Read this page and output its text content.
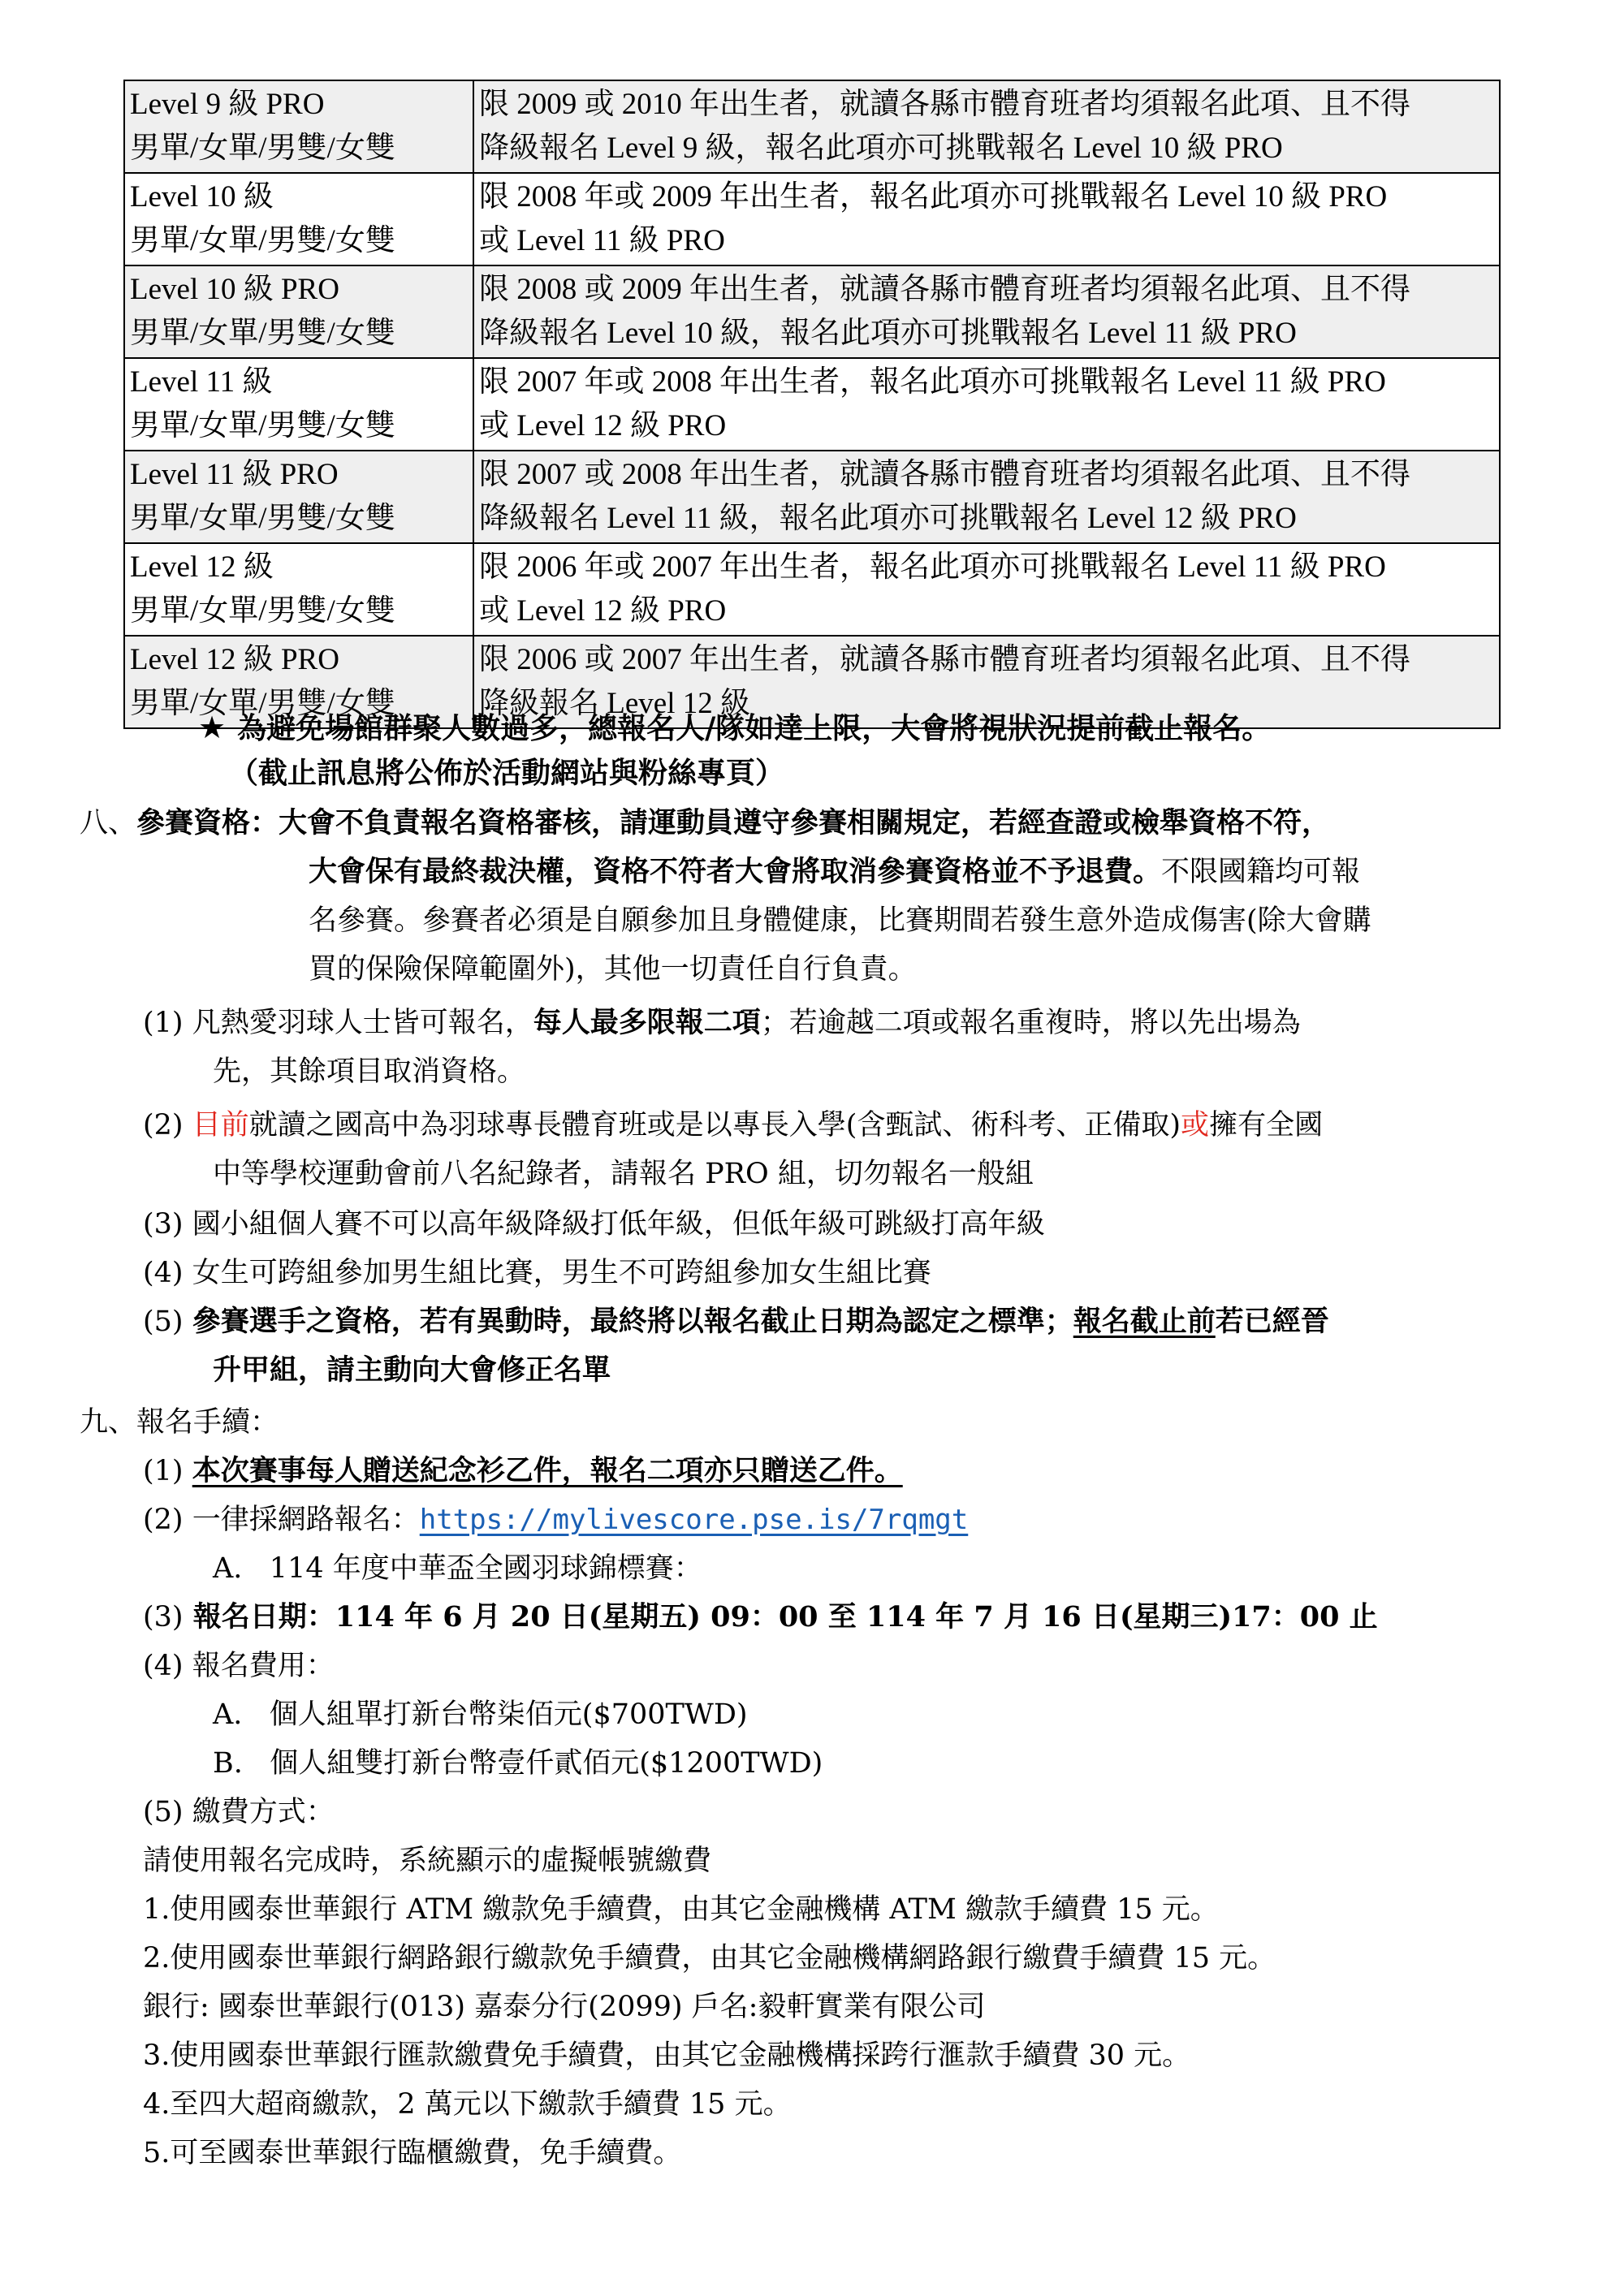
Level 9 級 PRO
男單/女單/男雙/女雙	限 2009 或 2010 年出生者，就讀各縣市體育班者均須報名此項、且不得
降級報名 Level 9 級，報名此項亦可挑戰報名 Level 10 級 PRO

Level 10 級
男單/女單/男雙/女雙	限 2008 年或 2009 年出生者，報名此項亦可挑戰報名 Level 10 級 PRO
或 Level 11 級 PRO

Level 10 級 PRO
男單/女單/男雙/女雙	限 2008 或 2009 年出生者，就讀各縣市體育班者均須報名此項、且不得
降級報名 Level 10 級，報名此項亦可挑戰報名 Level 11 級 PRO

Level 11 級
男單/女單/男雙/女雙	限 2007 年或 2008 年出生者，報名此項亦可挑戰報名 Level 11 級 PRO
或 Level 12 級 PRO

Level 11 級 PRO
男單/女單/男雙/女雙	限 2007 或 2008 年出生者，就讀各縣市體育班者均須報名此項、且不得
降級報名 Level 11 級，報名此項亦可挑戰報名 Level 12 級 PRO

Level 12 級
男單/女單/男雙/女雙	限 2006 年或 2007 年出生者，報名此項亦可挑戰報名 Level 11 級 PRO
或 Level 12 級 PRO

Level 12 級 PRO
男單/女單/男雙/女雙	限 2006 或 2007 年出生者，就讀各縣市體育班者均須報名此項、且不得
降級報名 Level 12 級
★ 為避免場館群聚人數過多，總報名人/隊如達上限，大會將視狀況提前截止報名。
（截止訊息將公佈於活動網站與粉絲專頁）
八、參賽資格：大會不負責報名資格審核，請運動員遵守參賽相關規定，若經查證或檢舉資格不符，
大會保有最終裁決權，資格不符者大會將取消參賽資格並不予退費。不限國籍均可報
名參賽。參賽者必須是自願參加且身體健康，比賽期間若發生意外造成傷害(除大會購
買的保險保障範圍外)，其他一切責任自行負責。
(1) 凡熱愛羽球人士皆可報名，每人最多限報二項；若逾越二項或報名重複時，將以先出場為
先，其餘項目取消資格。
(2) 目前就讀之國高中為羽球專長體育班或是以專長入學(含甄試、術科考、正備取)或擁有全國
中等學校運動會前八名紀錄者，請報名 PRO 組，切勿報名一般組
(3) 國小組個人賽不可以高年級降級打低年級，但低年級可跳級打高年級
(4) 女生可跨組參加男生組比賽，男生不可跨組參加女生組比賽
(5) 參賽選手之資格，若有異動時，最終將以報名截止日期為認定之標準；報名截止前若已經晉
升甲組，請主動向大會修正名單
九、報名手續：
(1) 本次賽事每人贈送紀念衫乙件，報名二項亦只贈送乙件。
(2) 一律採網路報名：https://mylivescore.pse.is/7rqmgt
A. 114 年度中華盃全國羽球錦標賽：
(3) 報名日期：114 年 6 月 20 日(星期五) 09：00 至 114 年 7 月 16 日(星期三)17：00 止
(4) 報名費用：
A. 個人組單打新台幣柒佰元($700TWD)
B. 個人組雙打新台幣壹仟貳佰元($1200TWD)
(5) 繳費方式：
請使用報名完成時，系統顯示的虛擬帳號繳費
1.使用國泰世華銀行 ATM 繳款免手續費，由其它金融機構 ATM 繳款手續費 15 元。
2.使用國泰世華銀行網路銀行繳款免手續費，由其它金融機構網路銀行繳費手續費 15 元。
銀行: 國泰世華銀行(013) 嘉泰分行(2099) 戶名:毅軒實業有限公司
3.使用國泰世華銀行匯款繳費免手續費，由其它金融機構採跨行滙款手續費 30 元。
4.至四大超商繳款，2 萬元以下繳款手續費 15 元。
5.可至國泰世華銀行臨櫃繳費，免手續費。
